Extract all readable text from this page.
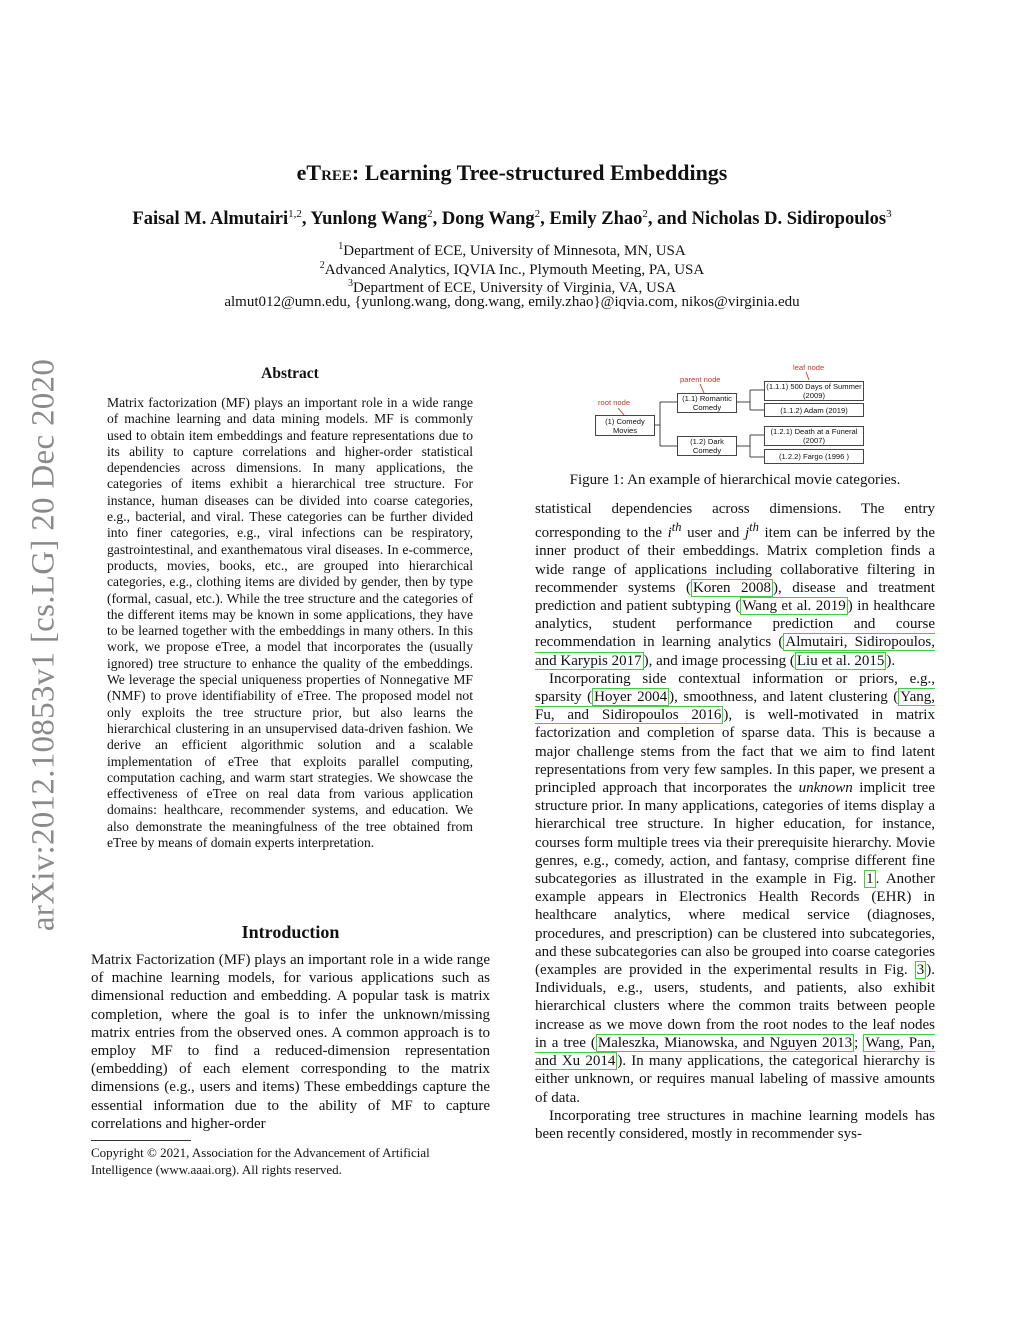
arXiv:2012.10853v1 [cs.LG] 20 Dec 2020
eTree: Learning Tree-structured Embeddings
Faisal M. Almutairi$^{1,2}$, Yunlong Wang$^2$, Dong Wang$^2$, Emily Zhao$^2$, and Nicholas D. Sidiropoulos$^3$
$^1$Department of ECE, University of Minnesota, MN, USA
$^2$Advanced Analytics, IQVIA Inc., Plymouth Meeting, PA, USA
$^3$Department of ECE, University of Virginia, VA, USA
almut012@umn.edu, {yunlong.wang, dong.wang, emily.zhao}@iqvia.com, nikos@virginia.edu
Abstract

Matrix factorization (MF) plays an important role in a wide range of machine learning and data mining models. MF is commonly used to obtain item embeddings and feature representations due to its ability to capture correlations and higher-order statistical dependencies across dimensions. In many applications, the categories of items exhibit a hierarchical tree structure. For instance, human diseases can be divided into coarse categories, e.g., bacterial, and viral. These categories can be further divided into finer categories, e.g., viral infections can be respiratory, gastrointestinal, and exanthematous viral diseases. In e-commerce, products, movies, books, etc., are grouped into hierarchical categories, e.g., clothing items are divided by gender, then by type (formal, casual, etc.). While the tree structure and the categories of the different items may be known in some applications, they have to be learned together with the embeddings in many others. In this work, we propose eTree, a model that incorporates the (usually ignored) tree structure to enhance the quality of the embeddings. We leverage the special uniqueness properties of Nonnegative MF (NMF) to prove identifiability of eTree. The proposed model not only exploits the tree structure prior, but also learns the hierarchical clustering in an unsupervised data-driven fashion. We derive an efficient algorithmic solution and a scalable implementation of eTree that exploits parallel computing, computation caching, and warm start strategies. We showcase the effectiveness of eTree on real data from various application domains: healthcare, recommender systems, and education. We also demonstrate the meaningfulness of the tree obtained from eTree by means of domain experts interpretation.

Introduction

Matrix Factorization (MF) plays an important role in a wide range of machine learning models, for various applications such as dimensional reduction and embedding. A popular task is matrix completion, where the goal is to infer the unknown/missing matrix entries from the observed ones. A common approach is to employ MF to find a reduced-dimension representation (embedding) of each element corresponding to the matrix dimensions (e.g., users and items) These embeddings capture the essential information due to the ability of MF to capture correlations and higher-order

Copyright © 2021, Association for the Advancement of Artificial Intelligence (www.aaai.org). All rights reserved.
root node
parent node
leaf node
(1) Comedy Movies
(1.1) Romantic Comedy
(1.2) Dark Comedy
(1.1.1) 500 Days of Summer (2009)
(1.1.2) Adam (2019)
(1.2.1) Death at a Funeral (2007)
(1.2.2) Fargo (1996 )
Figure 1: An example of hierarchical movie categories.

statistical dependencies across dimensions. The entry corresponding to the $i^{th}$ user and $j^{th}$ item can be inferred by the inner product of their embeddings. Matrix completion finds a wide range of applications including collaborative filtering in recommender systems ( Koren 2008 ), disease and treatment prediction and patient subtyping ( Wang et al. 2019 ) in healthcare analytics, student performance prediction and course recommendation in learning analytics ( Almutairi, Sidiropoulos, and Karypis 2017 ), and image processing ( Liu et al. 2015 ).

Incorporating side contextual information or priors, e.g., sparsity ( Hoyer 2004 ), smoothness, and latent clustering ( Yang, Fu, and Sidiropoulos 2016 ), is well-motivated in matrix factorization and completion of sparse data. This is because a major challenge stems from the fact that we aim to find latent representations from very few samples. In this paper, we present a principled approach that incorporates the unknown implicit tree structure prior. In many applications, categories of items display a hierarchical tree structure. In higher education, for instance, courses form multiple trees via their prerequisite hierarchy. Movie genres, e.g., comedy, action, and fantasy, comprise different fine subcategories as illustrated in the example in Fig. 1 . Another example appears in Electronics Health Records (EHR) in healthcare analytics, where medical service (diagnoses, procedures, and prescription) can be clustered into subcategories, and these subcategories can also be grouped into coarse categories (examples are provided in the experimental results in Fig. 3 ). Individuals, e.g., users, students, and patients, also exhibit hierarchical clusters where the common traits between people increase as we move down from the root nodes to the leaf nodes in a tree ( Maleszka, Mianowska, and Nguyen 2013 ; Wang, Pan, and Xu 2014 ). In many applications, the categorical hierarchy is either unknown, or requires manual labeling of massive amounts of data.

Incorporating tree structures in machine learning models has been recently considered, mostly in recommender sys-
